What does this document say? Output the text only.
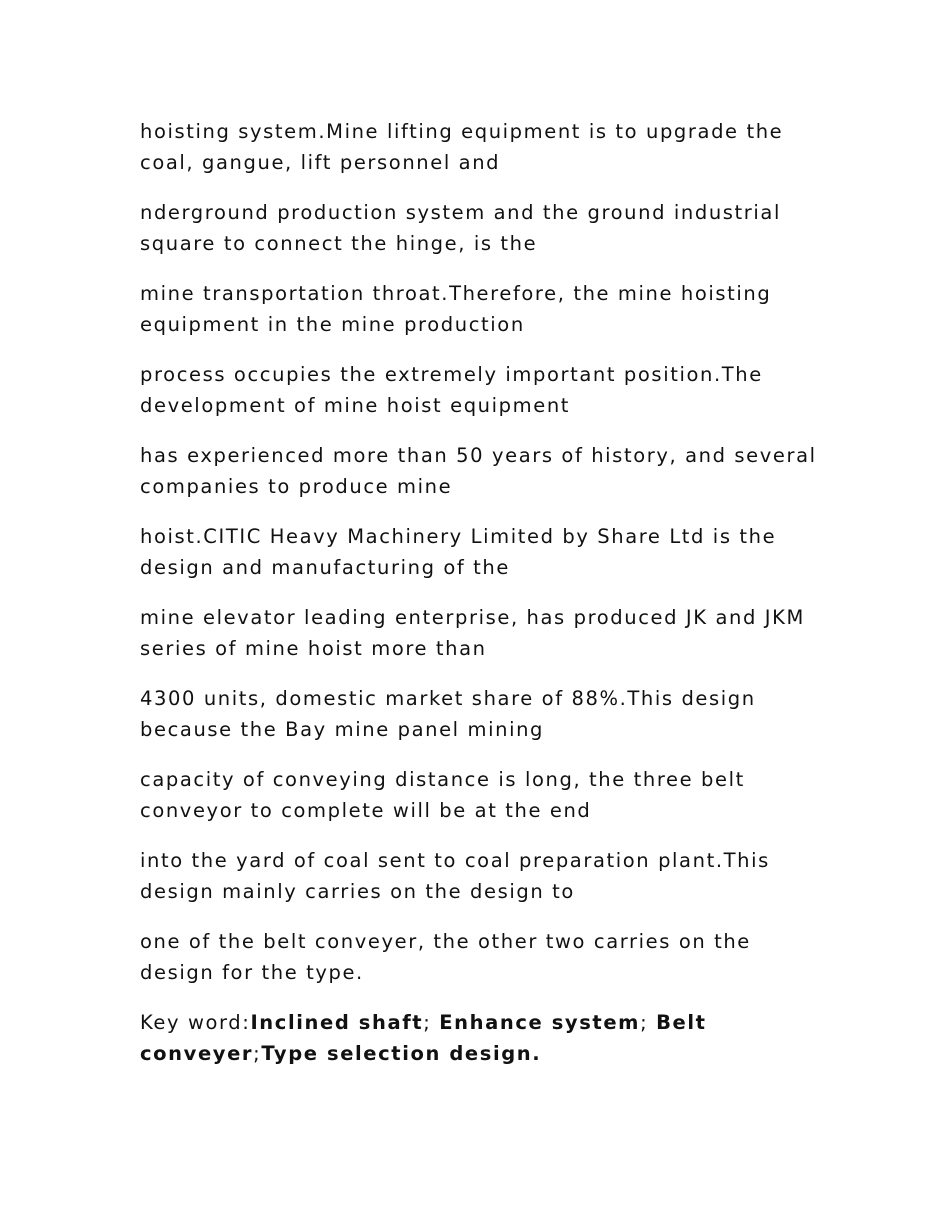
hoisting system.Mine lifting equipment is to upgrade the
coal, gangue, lift personnel and

nderground production system and the ground industrial
square to connect the hinge, is the

mine transportation throat.Therefore, the mine hoisting
equipment in the mine production

process occupies the extremely important position.The
development of mine hoist equipment

has experienced more than 50 years of history, and several
companies to produce mine

hoist.CITIC Heavy Machinery Limited by Share Ltd is the
design and manufacturing of the

mine elevator leading enterprise, has produced JK and JKM
series of mine hoist more than

4300 units, domestic market share of 88%.This design
because the Bay mine panel mining

capacity of conveying distance is long, the three belt
conveyor to complete will be at the end

into the yard of coal sent to coal preparation plant.This
design mainly carries on the design to

one of the belt conveyer, the other two carries on the
design for the type.

Key word:Inclined shaft; Enhance system; Belt
conveyer;Type selection design.
